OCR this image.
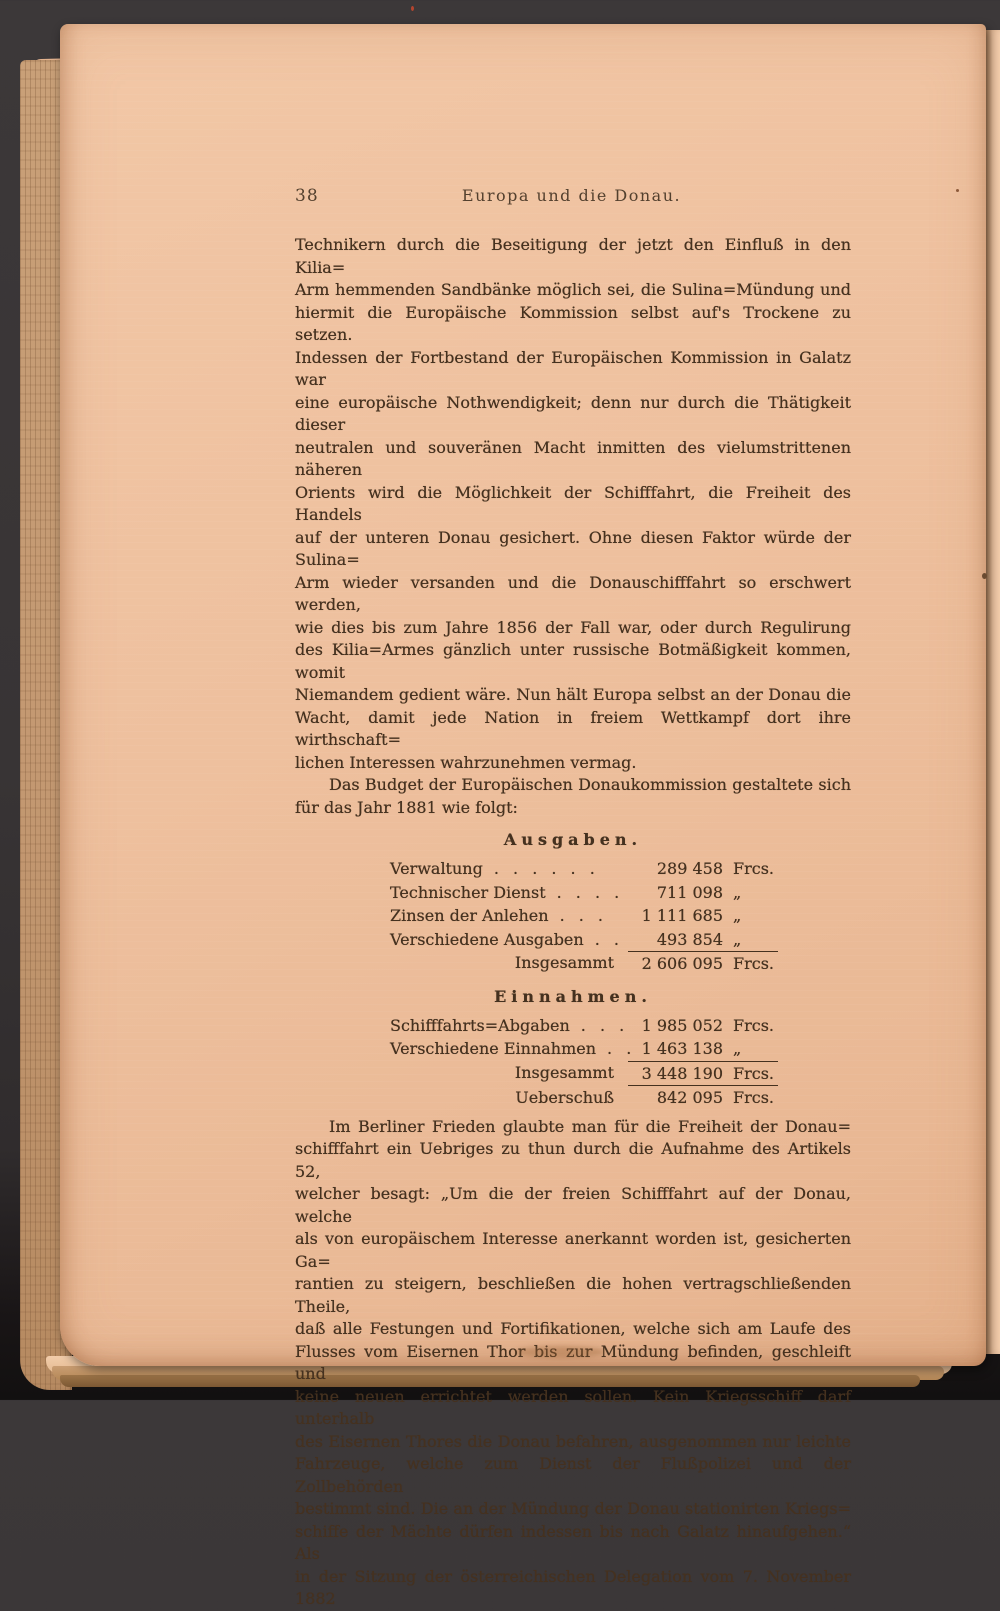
38	Europa und die Donau.
Technikern durch die Beseitigung der jetzt den Einfluß in den Kilia=
Arm hemmenden Sandbänke möglich sei, die Sulina=Mündung und
hiermit die Europäische Kommission selbst auf's Trockene zu setzen.
Indessen der Fortbestand der Europäischen Kommission in Galatz war
eine europäische Nothwendigkeit; denn nur durch die Thätigkeit dieser
neutralen und souveränen Macht inmitten des vielumstrittenen näheren
Orients wird die Möglichkeit der Schifffahrt, die Freiheit des Handels
auf der unteren Donau gesichert. Ohne diesen Faktor würde der Sulina=
Arm wieder versanden und die Donauschifffahrt so erschwert werden,
wie dies bis zum Jahre 1856 der Fall war, oder durch Regulirung
des Kilia=Armes gänzlich unter russische Botmäßigkeit kommen, womit
Niemandem gedient wäre. Nun hält Europa selbst an der Donau die
Wacht, damit jede Nation in freiem Wettkampf dort ihre wirthschaft=
lichen Interessen wahrzunehmen vermag.
Das Budget der Europäischen Donaukommission gestaltete sich
für das Jahr 1881 wie folgt:
Ausgaben.
Verwaltung . . . . . .	289 458 Frcs.
Technischer Dienst . . . .	711 098 „
Zinsen der Anlehen . . .	1 111 685 „
Verschiedene Ausgaben . .	493 854 „
Insgesammt	2 606 095 Frcs.
Einnahmen.
Schifffahrts=Abgaben . . .	1 985 052 Frcs.
Verschiedene Einnahmen . . 1 463 138 „
Insgesammt	3 448 190 Frcs.
Ueberschuß	842 095 Frcs.
Im Berliner Frieden glaubte man für die Freiheit der Donau=
schifffahrt ein Uebriges zu thun durch die Aufnahme des Artikels 52,
welcher besagt: „Um die der freien Schifffahrt auf der Donau, welche
als von europäischem Interesse anerkannt worden ist, gesicherten Ga=
rantien zu steigern, beschließen die hohen vertragschließenden Theile,
daß alle Festungen und Fortifikationen, welche sich am Laufe des
Flusses vom Eisernen Thor bis zur Mündung befinden, geschleift und
keine neuen errichtet werden sollen. Kein Kriegsschiff darf unterhalb
des Eisernen Thores die Donau befahren, ausgenommen nur leichte
Fahrzeuge, welche zum Dienst der Flußpolizei und der Zollbehörden
bestimmt sind. Die an der Mündung der Donau stationirten Kriegs=
schiffe der Mächte dürfen indessen bis nach Galatz hinaufgehen.“ Als
in der Sitzung der österreichischen Delegation vom 7. November 1882
